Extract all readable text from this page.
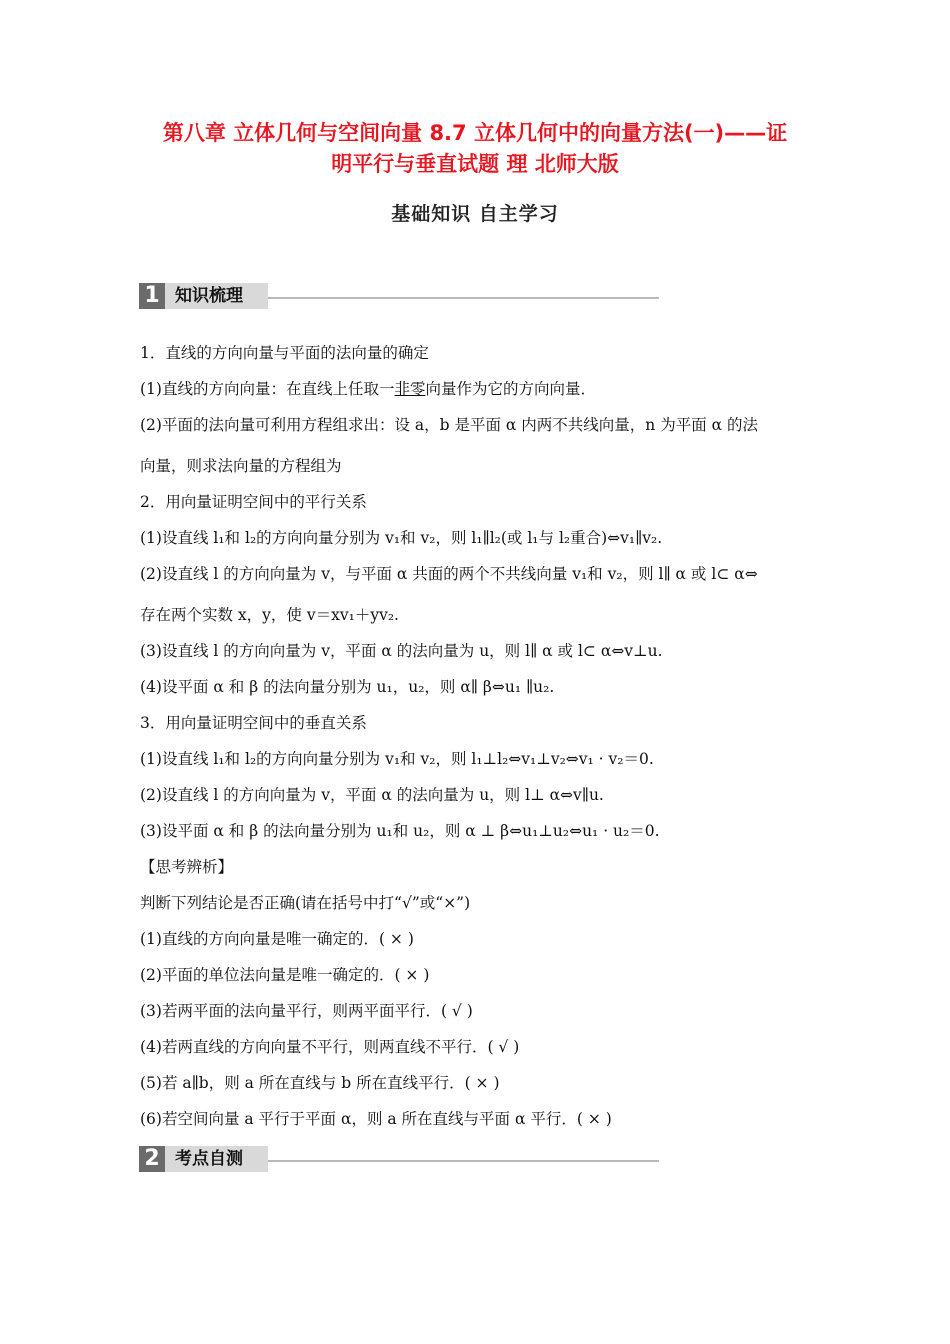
第八章 立体几何与空间向量 8.7 立体几何中的向量方法(一)——证
明平行与垂直试题 理 北师大版
基础知识 自主学习
1 知识梳理
1．直线的方向向量与平面的法向量的确定
(1)直线的方向向量：在直线上任取一非零向量作为它的方向向量．
(2)平面的法向量可利用方程组求出：设 a，b 是平面 α 内两不共线向量，n 为平面 α 的法
向量，则求法向量的方程组为
2．用向量证明空间中的平行关系
(1)设直线 l₁和 l₂的方向向量分别为 v₁和 v₂，则 l₁∥l₂(或 l₁与 l₂重合)⇔v₁∥v₂.
(2)设直线 l 的方向向量为 v，与平面 α 共面的两个不共线向量 v₁和 v₂，则 l∥ α 或 l⊂ α⇔
存在两个实数 x，y，使 v＝xv₁＋yv₂.
(3)设直线 l 的方向向量为 v，平面 α 的法向量为 u，则 l∥ α 或 l⊂ α⇔v⊥u.
(4)设平面 α 和 β 的法向量分别为 u₁，u₂，则 α∥ β⇔u₁ ∥u₂.
3．用向量证明空间中的垂直关系
(1)设直线 l₁和 l₂的方向向量分别为 v₁和 v₂，则 l₁⊥l₂⇔v₁⊥v₂⇔v₁ · v₂＝0.
(2)设直线 l 的方向向量为 v，平面 α 的法向量为 u，则 l⊥ α⇔v∥u.
(3)设平面 α 和 β 的法向量分别为 u₁和 u₂，则 α ⊥ β⇔u₁⊥u₂⇔u₁ · u₂＝0.
【思考辨析】
判断下列结论是否正确(请在括号中打“√”或“×”)
(1)直线的方向向量是唯一确定的．( × )
(2)平面的单位法向量是唯一确定的．( × )
(3)若两平面的法向量平行，则两平面平行．( √ )
(4)若两直线的方向向量不平行，则两直线不平行．( √ )
(5)若 a∥b，则 a 所在直线与 b 所在直线平行．( × )
(6)若空间向量 a 平行于平面 α，则 a 所在直线与平面 α 平行．( × )
2 考点自测
